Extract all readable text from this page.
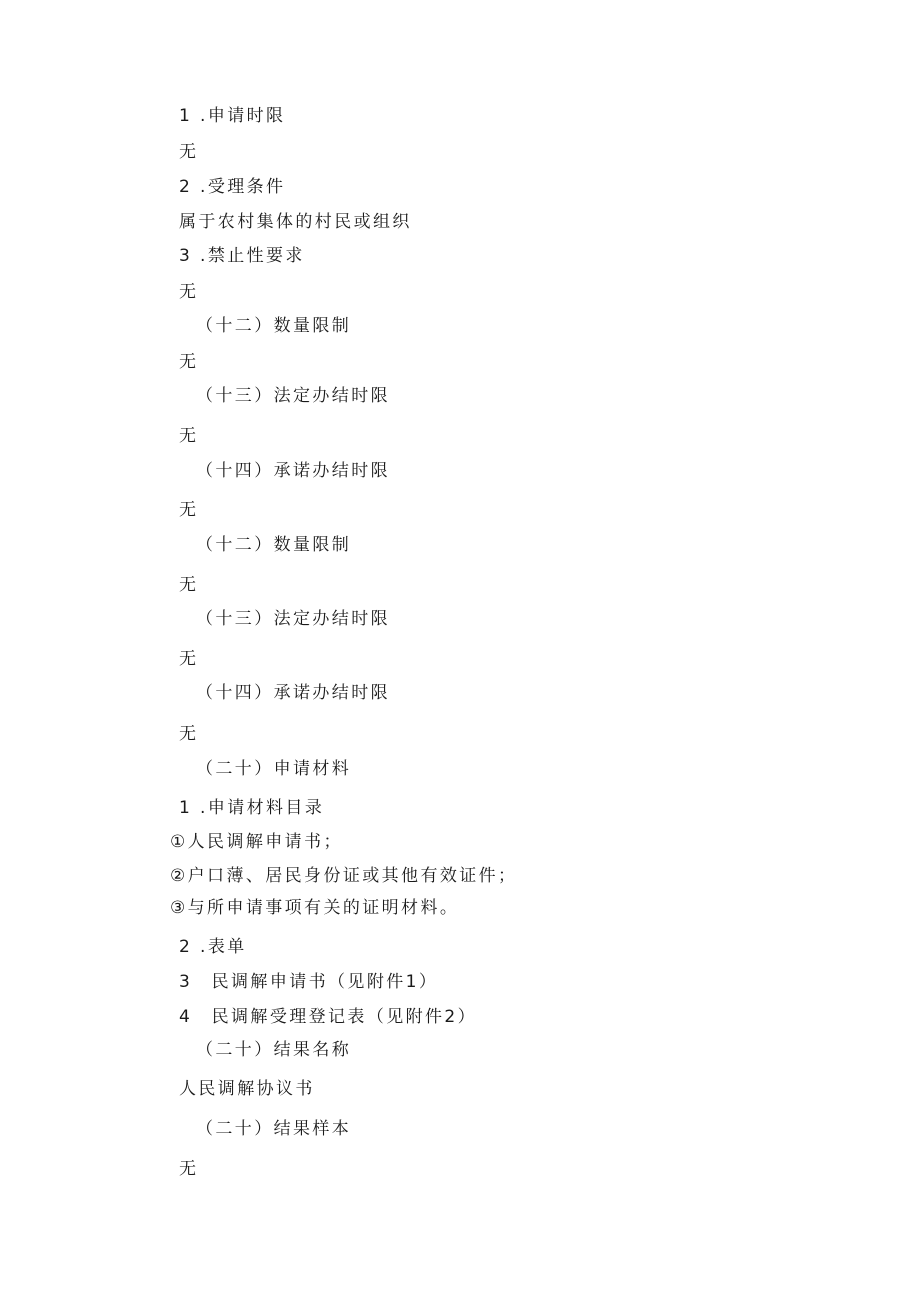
1 .申请时限
无
2 .受理条件
属于农村集体的村民或组织
3 .禁止性要求
无
（十二）数量限制
无
（十三）法定办结时限
无
（十四）承诺办结时限
无
（十二）数量限制
无
（十三）法定办结时限
无
（十四）承诺办结时限
无
（二十）申请材料
1 .申请材料目录
①人民调解申请书；
②户口薄、居民身份证或其他有效证件；
③与所申请事项有关的证明材料。
2 .表单
3　民调解申请书（见附件1）
4　民调解受理登记表（见附件2）
（二十）结果名称
人民调解协议书
（二十）结果样本
无
